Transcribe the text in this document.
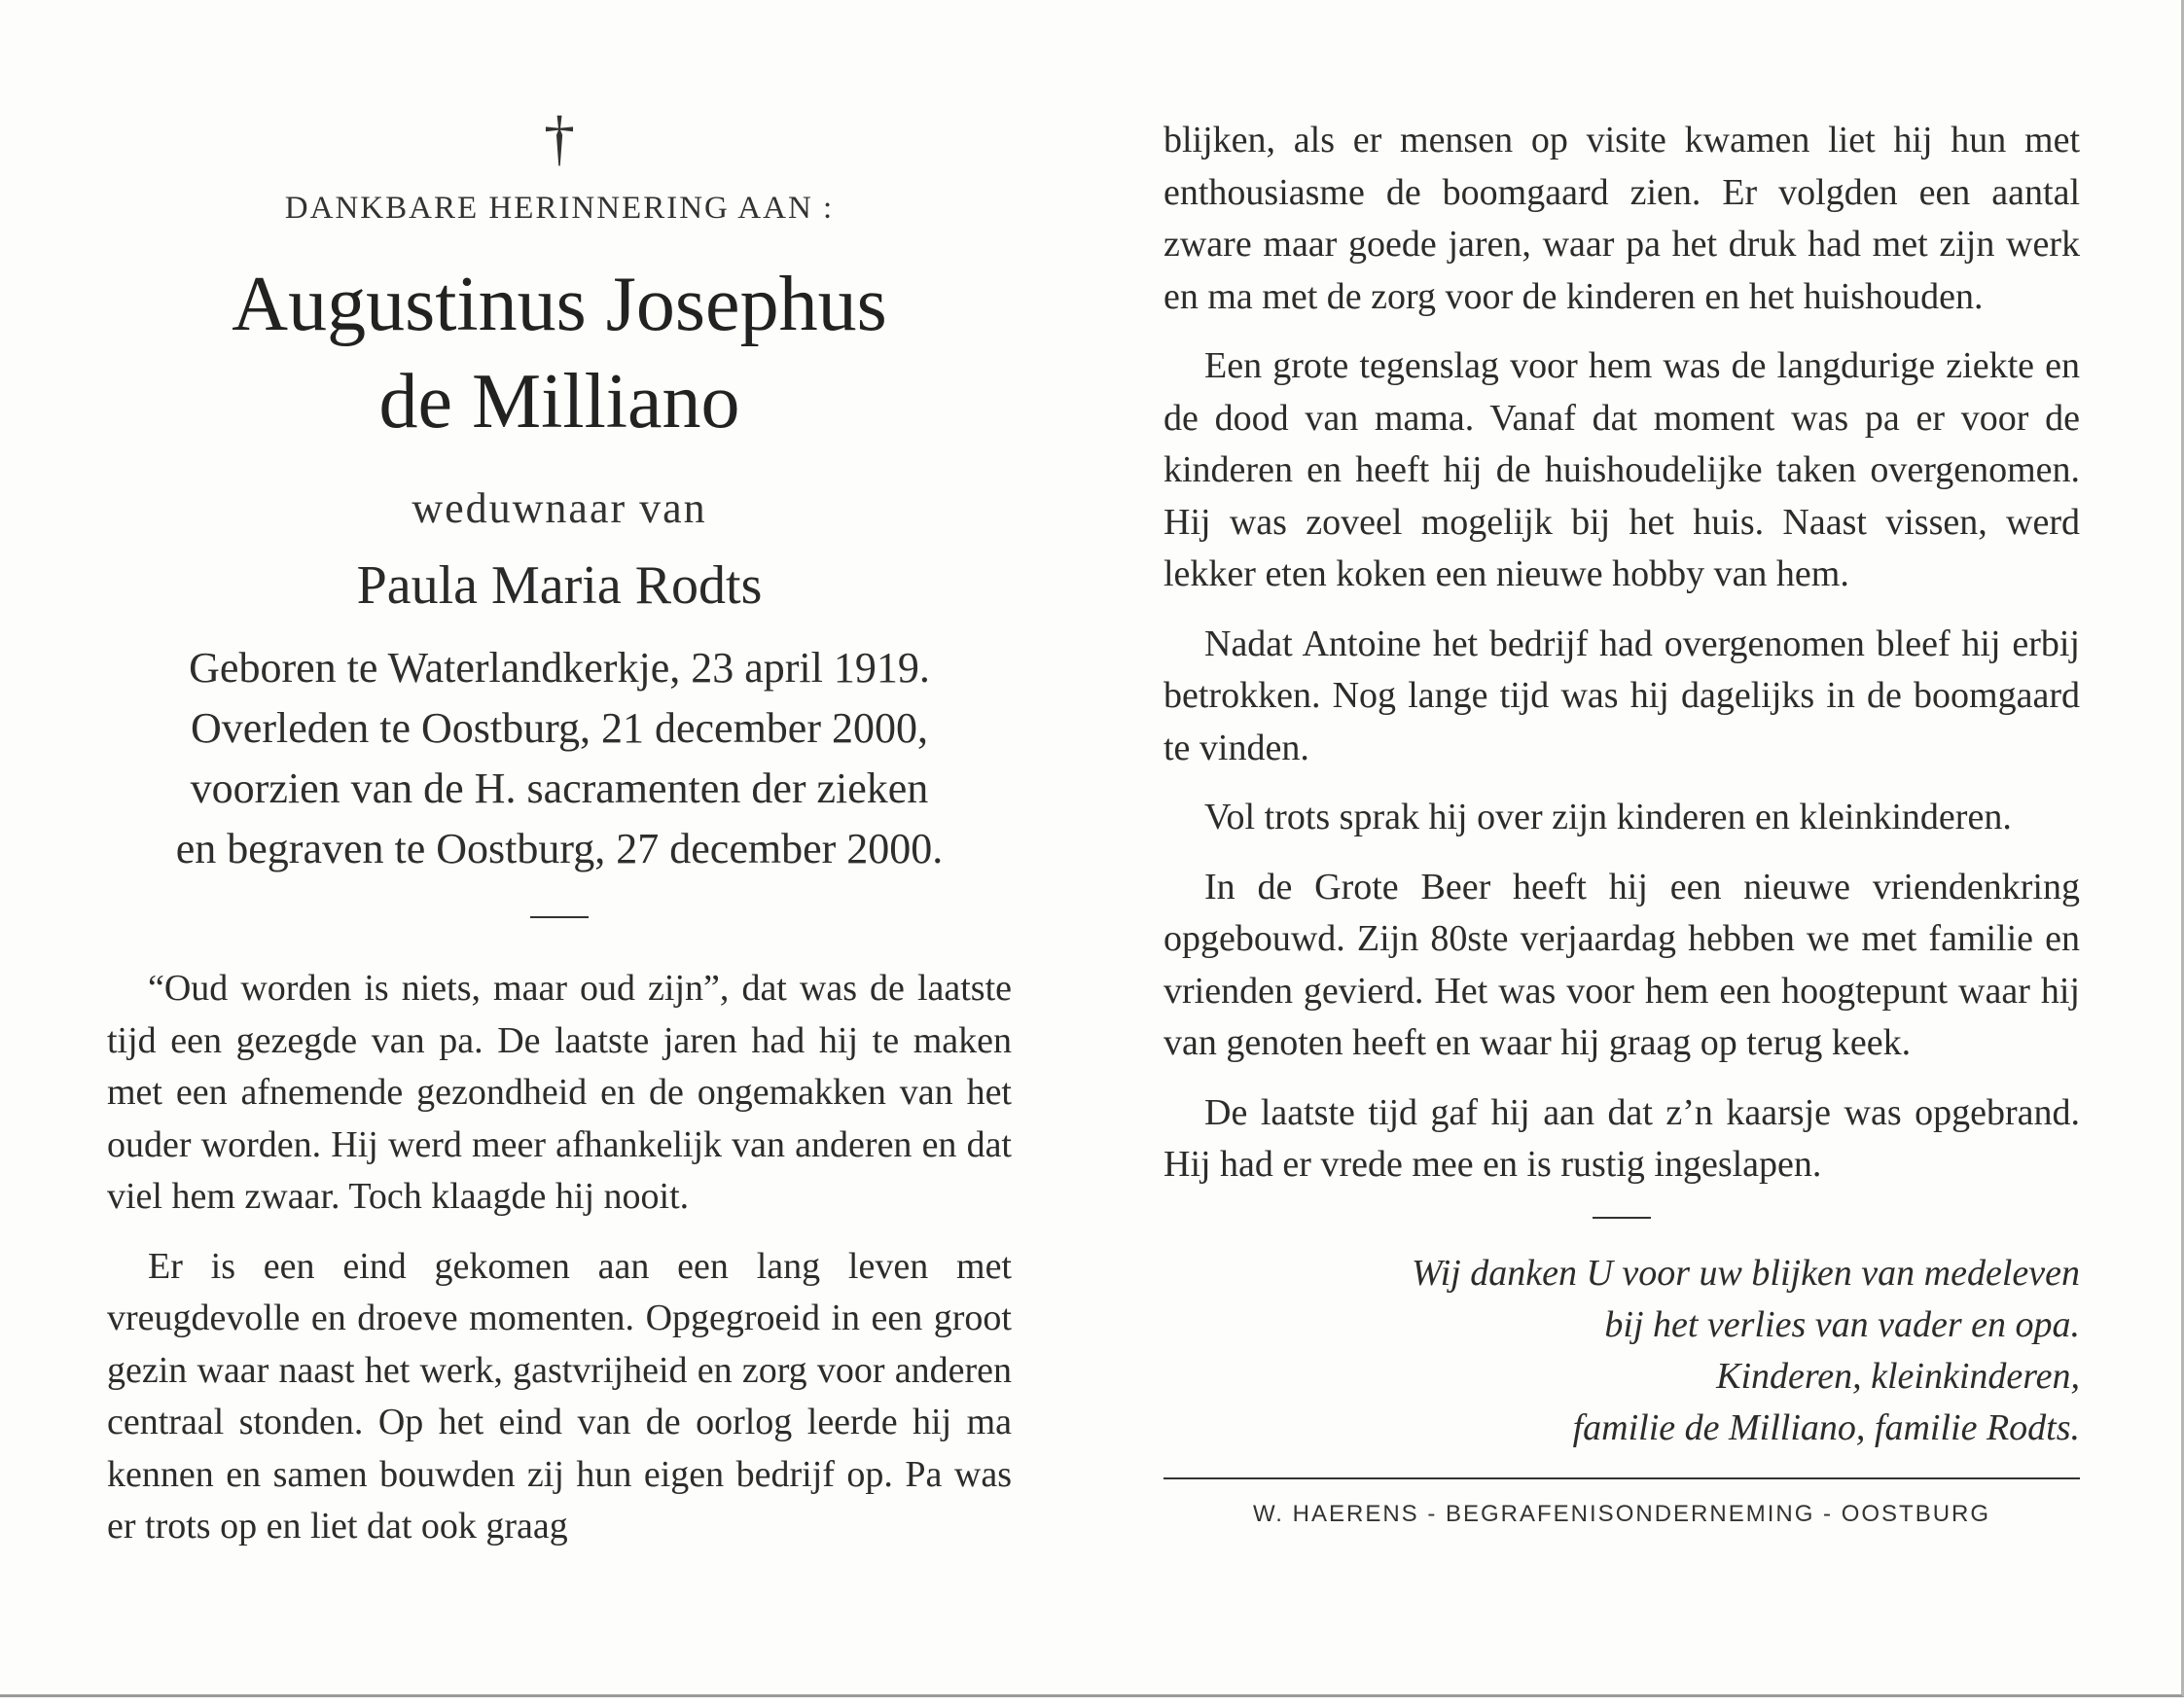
†
DANKBARE HERINNERING AAN :
Augustinus Josephus
de Milliano
weduwnaar van
Paula Maria Rodts
Geboren te Waterlandkerkje, 23 april 1919.
Overleden te Oostburg, 21 december 2000,
voorzien van de H. sacramenten der zieken
en begraven te Oostburg, 27 december 2000.

“Oud worden is niets, maar oud zijn”, dat was de laatste tijd een gezegde van pa. De laatste jaren had hij te maken met een afnemende gezondheid en de ongemakken van het ouder worden. Hij werd meer afhankelijk van anderen en dat viel hem zwaar. Toch klaagde hij nooit.

Er is een eind gekomen aan een lang leven met vreugdevolle en droeve momenten. Opgegroeid in een groot gezin waar naast het werk, gastvrijheid en zorg voor anderen centraal stonden. Op het eind van de oorlog leerde hij ma kennen en samen bouwden zij hun eigen bedrijf op. Pa was er trots op en liet dat ook graag

blijken, als er mensen op visite kwamen liet hij hun met enthousiasme de boomgaard zien. Er volgden een aantal zware maar goede jaren, waar pa het druk had met zijn werk en ma met de zorg voor de kinderen en het huishouden.

Een grote tegenslag voor hem was de langdurige ziekte en de dood van mama. Vanaf dat moment was pa er voor de kinderen en heeft hij de huishoudelijke taken overgenomen. Hij was zoveel mogelijk bij het huis. Naast vissen, werd lekker eten koken een nieuwe hobby van hem.

Nadat Antoine het bedrijf had overgenomen bleef hij erbij betrokken. Nog lange tijd was hij dagelijks in de boomgaard te vinden.

Vol trots sprak hij over zijn kinderen en kleinkinderen.

In de Grote Beer heeft hij een nieuwe vriendenkring opgebouwd. Zijn 80ste verjaardag hebben we met familie en vrienden gevierd. Het was voor hem een hoogtepunt waar hij van genoten heeft en waar hij graag op terug keek.

De laatste tijd gaf hij aan dat z’n kaarsje was opgebrand. Hij had er vrede mee en is rustig ingeslapen.

Wij danken U voor uw blijken van medeleven
bij het verlies van vader en opa.
Kinderen, kleinkinderen,
familie de Milliano, familie Rodts.
W. HAERENS - BEGRAFENISONDERNEMING - OOSTBURG
